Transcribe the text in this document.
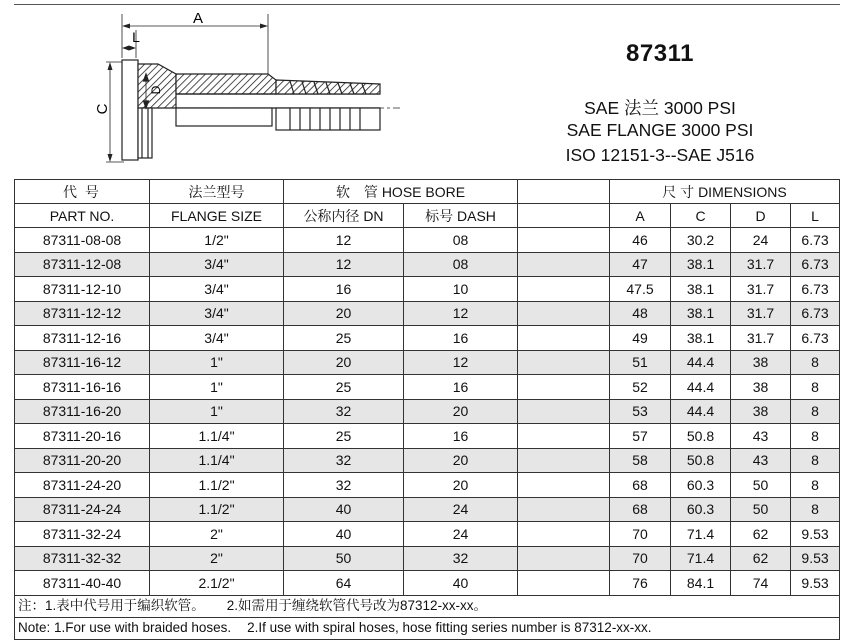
A
L
C
D
87311
SAE 法兰 3000 PSI
SAE FLANGE 3000 PSI
ISO 12151-3--SAE J516
代 号	法兰型号	软　管 HOSE BORE			尺 寸 DIMENSIONS			
PART NO.	FLANGE SIZE	公称内径 DN	标号 DASH		A	C	D	L
87311-08-08	1/2"	12	08		46	30.2	24	6.73
87311-12-08	3/4"	12	08		47	38.1	31.7	6.73
87311-12-10	3/4"	16	10		47.5	38.1	31.7	6.73
87311-12-12	3/4"	20	12		48	38.1	31.7	6.73
87311-12-16	3/4"	25	16		49	38.1	31.7	6.73
87311-16-12	1"	20	12		51	44.4	38	8
87311-16-16	1"	25	16		52	44.4	38	8
87311-16-20	1"	32	20		53	44.4	38	8
87311-20-16	1.1/4"	25	16		57	50.8	43	8
87311-20-20	1.1/4"	32	20		58	50.8	43	8
87311-24-20	1.1/2"	32	20		68	60.3	50	8
87311-24-24	1.1/2"	40	24		68	60.3	50	8
87311-32-24	2"	40	24		70	71.4	62	9.53
87311-32-32	2"	50	32		70	71.4	62	9.53
87311-40-40	2.1/2"	64	40		76	84.1	74	9.53
注：1.表中代号用于编织软管。 2.如需用于缠绕软管代号改为87312-xx-xx。								
Note: 1.For use with braided hoses. 2.If use with spiral hoses, hose fitting series number is 87312-xx-xx.								
